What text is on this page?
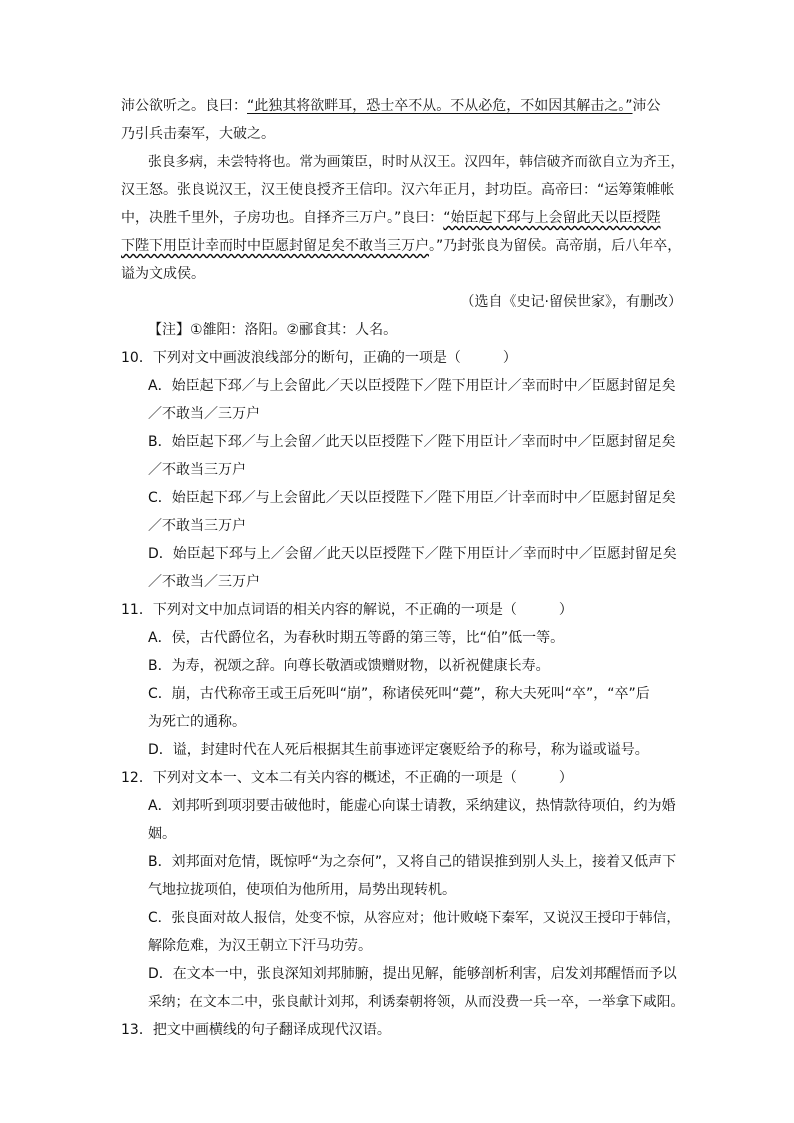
沛公欲听之。良曰：“此独其将欲畔耳，恐士卒不从。不从必危，不如因其解击之。”沛公
乃引兵击秦军，大破之。
张良多病，未尝特将也。常为画策臣，时时从汉王。汉四年，韩信破齐而欲自立为齐王，
汉王怒。张良说汉王，汉王使良授齐王信印。汉六年正月，封功臣。高帝曰：“运筹策帷帐
中，决胜千里外，子房功也。自择齐三万户。”良曰：“始臣起下邳与上会留此天以臣授陛
下陛下用臣计幸而时中臣愿封留足矣不敢当三万户。”乃封张良为留侯。高帝崩，后八年卒，
谥为文成侯。
（选自《史记·留侯世家》，有删改）
【注】①雒阳：洛阳。②郦食其：人名。
10．下列对文中画波浪线部分的断句，正确的一项是（　　　）
A．始臣起下邳／与上会留此／天以臣授陛下／陛下用臣计／幸而时中／臣愿封留足矣
／不敢当／三万户
B．始臣起下邳／与上会留／此天以臣授陛下／陛下用臣计／幸而时中／臣愿封留足矣
／不敢当三万户
C．始臣起下邳／与上会留此／天以臣授陛下／陛下用臣／计幸而时中／臣愿封留足矣
／不敢当三万户
D．始臣起下邳与上／会留／此天以臣授陛下／陛下用臣计／幸而时中／臣愿封留足矣
／不敢当／三万户
11．下列对文中加点词语的相关内容的解说，不正确的一项是（　　　）
A．侯，古代爵位名，为春秋时期五等爵的第三等，比“伯”低一等。
B．为寿，祝颂之辞。向尊长敬酒或馈赠财物，以祈祝健康长寿。
C．崩，古代称帝王或王后死叫“崩”，称诸侯死叫“薨”，称大夫死叫“卒”，“卒”后
为死亡的通称。
D．谥，封建时代在人死后根据其生前事迹评定褒贬给予的称号，称为谥或谥号。
12．下列对文本一、文本二有关内容的概述，不正确的一项是（　　　）
A．刘邦听到项羽要击破他时，能虚心向谋士请教，采纳建议，热情款待项伯，约为婚
姻。
B．刘邦面对危情，既惊呼“为之奈何”，又将自己的错误推到别人头上，接着又低声下
气地拉拢项伯，使项伯为他所用，局势出现转机。
C．张良面对故人报信，处变不惊，从容应对；他计败峣下秦军，又说汉王授印于韩信，
解除危难，为汉王朝立下汗马功劳。
D．在文本一中，张良深知刘邦肺腑，提出见解，能够剖析利害，启发刘邦醒悟而予以
采纳；在文本二中，张良献计刘邦，利诱秦朝将领，从而没费一兵一卒，一举拿下咸阳。
13．把文中画横线的句子翻译成现代汉语。
